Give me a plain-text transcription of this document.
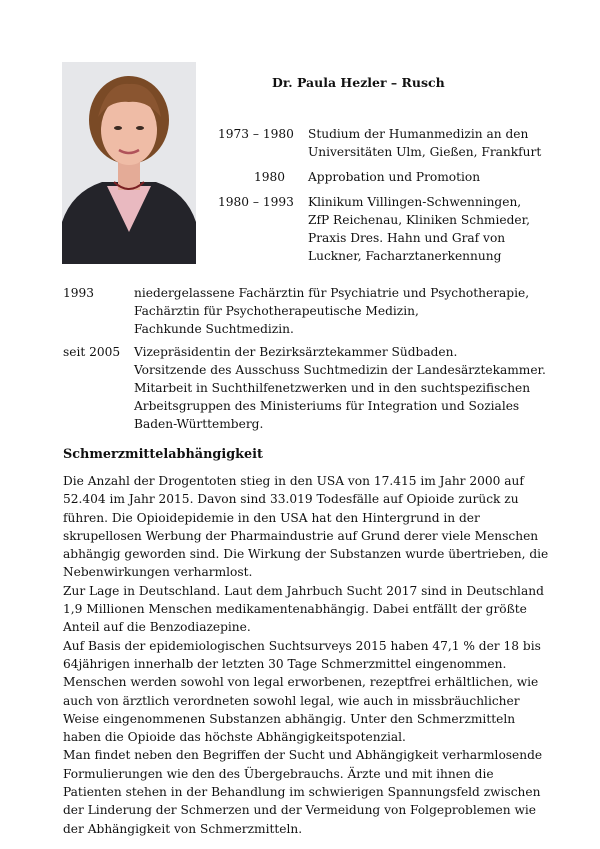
Dr. Paula Hezler – Rusch
1973 – 1980	Studium der Humanmedizin an den
Universitäten Ulm, Gießen, Frankfurt
1980 Approbation und Promotion
1980 – 1993	Klinikum Villingen-Schwenningen,
ZfP Reichenau, Kliniken Schmieder,
Praxis Dres. Hahn und Graf von
Luckner, Facharztanerkennung
1993	niedergelassene Fachärztin für Psychiatrie und Psychotherapie,
Fachärztin für Psychotherapeutische Medizin,
Fachkunde Suchtmedizin.
seit 2005	Vizepräsidentin der Bezirksärztekammer Südbaden.
Vorsitzende des Ausschuss Suchtmedizin der Landesärztekammer.
Mitarbeit in Suchthilfenetzwerken und in den suchtspezifischen
Arbeitsgruppen des Ministeriums für Integration und Soziales
Baden-Württemberg.
Schmerzmittelabhängigkeit
Die Anzahl der Drogentoten stieg in den USA von 17.415 im Jahr 2000 auf
52.404 im Jahr 2015. Davon sind 33.019 Todesfälle auf Opioide zurück zu
führen. Die Opioidepidemie in den USA hat den Hintergrund in der
skrupellosen Werbung der Pharmaindustrie auf Grund derer viele Menschen
abhängig geworden sind. Die Wirkung der Substanzen wurde übertrieben, die
Nebenwirkungen verharmlost.
Zur Lage in Deutschland. Laut dem Jahrbuch Sucht 2017 sind in Deutschland
1,9 Millionen Menschen medikamentenabhängig. Dabei entfällt der größte
Anteil auf die Benzodiazepine.
Auf Basis der epidemiologischen Suchtsurveys 2015 haben 47,1 % der 18 bis
64jährigen innerhalb der letzten 30 Tage Schmerzmittel eingenommen.
Menschen werden sowohl von legal erworbenen, rezeptfrei erhältlichen, wie
auch von ärztlich verordneten sowohl legal, wie auch in missbräuchlicher
Weise eingenommenen Substanzen abhängig. Unter den Schmerzmitteln
haben die Opioide das höchste Abhängigkeitspotenzial.
Man findet neben den Begriffen der Sucht und Abhängigkeit verharmlosende
Formulierungen wie den des Übergebrauchs. Ärzte und mit ihnen die
Patienten stehen in der Behandlung im schwierigen Spannungsfeld zwischen
der Linderung der Schmerzen und der Vermeidung von Folgeproblemen wie
der Abhängigkeit von Schmerzmitteln.
